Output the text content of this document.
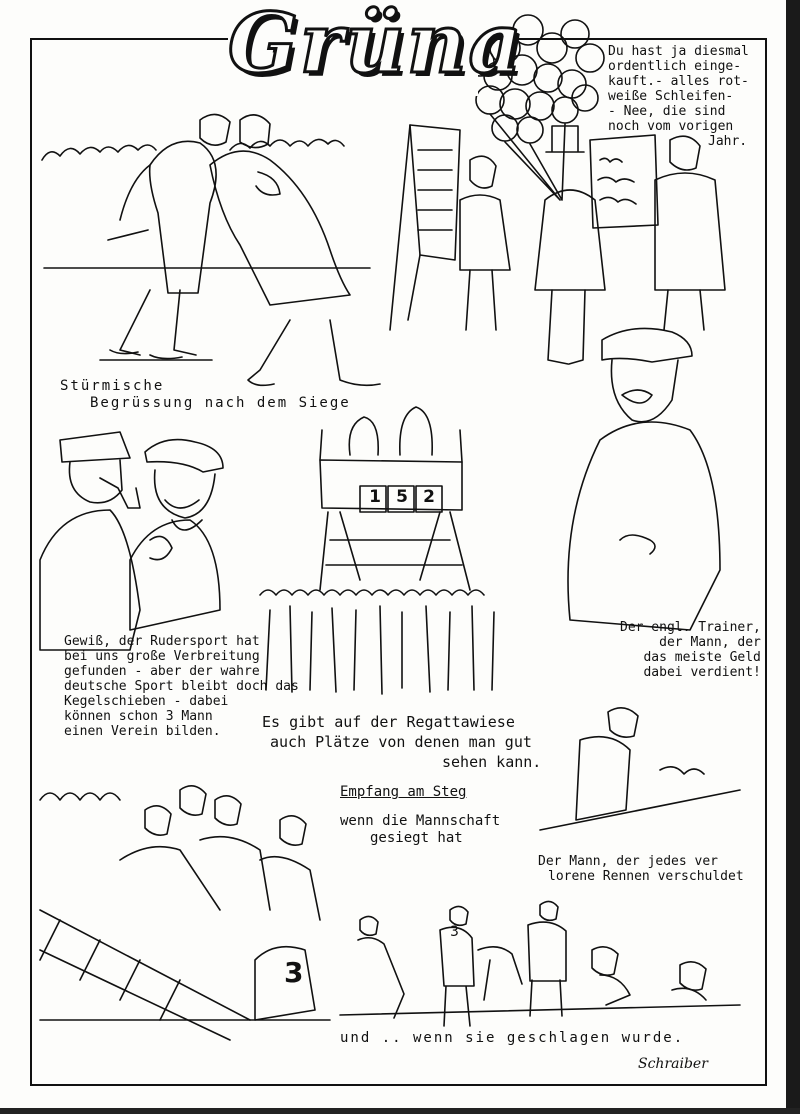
Grüna	Du hast ja diesmal
ordentlich einge-
kauft.- alles rot-
weiße Schleifen-
- Nee, die sind
noch vom vorigen
Jahr.
Stürmische
Begrüssung nach dem Siege
1 5 2
Der engl. Trainer,
der Mann, der
das meiste Geld
dabei verdient!
Gewiß, der Rudersport hat
bei uns große Verbreitung
gefunden - aber der wahre
deutsche Sport bleibt doch das
Kegelschieben - dabei
können schon 3 Mann
einen Verein bilden.
Es gibt auf der Regattawiese
auch Plätze von denen man gut
sehen kann.
Empfang am Steg
wenn die Mannschaft
gesiegt hat
Der Mann, der jedes ver
lorene Rennen verschuldet
3
3
und .. wenn sie geschlagen wurde.
Schraiber
